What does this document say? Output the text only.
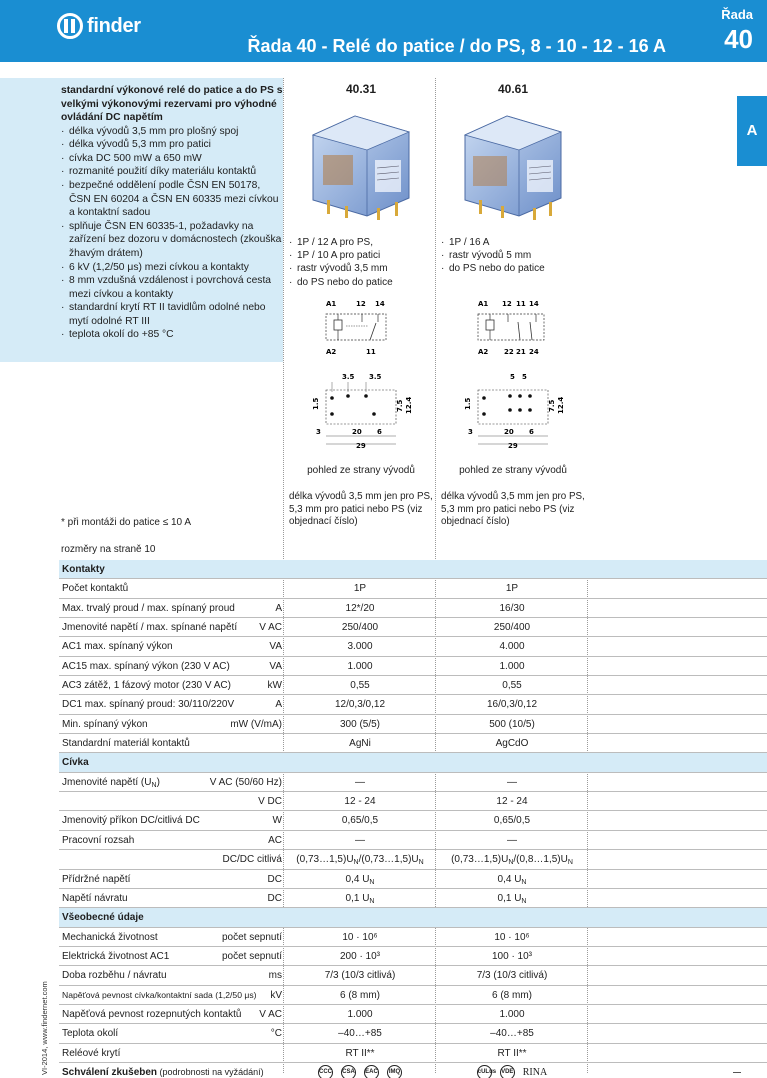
finder
Řada 40 - Relé do patice / do PS, 8 - 10 - 12 - 16 A
Řada
40
A
standardní výkonové relé do patice a do PS s velkými výkonovými rezervami pro výhodné ovládání DC napětím
· délka vývodů 3,5 mm pro plošný spoj
· délka vývodů 5,3 mm pro patici
· cívka DC 500 mW a 650 mW
· rozmanité použití díky materiálu kontaktů
· bezpečné oddělení podle ČSN EN 50178, ČSN EN 60204 a ČSN EN 60335 mezi cívkou a kontaktní sadou
· splňuje ČSN EN 60335-1, požadavky na zařízení bez dozoru v domácnostech (zkouška žhavým drátem)
· 6 kV (1,2/50 μs) mezi cívkou a kontakty
· 8 mm vzdušná vzdálenost i povrchová cesta mezi cívkou a kontakty
· standardní krytí RT II tavidlům odolné nebo mytí odolné RT III
· teplota okolí do +85 °C
40.31
· 1P / 12 A pro PS,
· 1P / 10 A pro patici
· rastr vývodů 3,5 mm
· do PS nebo do patice
40.61
· 1P / 16 A
· rastr vývodů 5 mm
· do PS nebo do patice
A1	12 14
A2	11
A1 12 11 14
A2 22 21 24
3.5 3.5
1.5	7.5 12.4
3	20 6
29
5 5
1.5	7.5 12.4
3	20 6
29
pohled ze strany vývodů	pohled ze strany vývodů
délka vývodů 3,5 mm jen pro PS, 5,3 mm pro patici nebo PS (viz objednací číslo)
délka vývodů 3,5 mm jen pro PS, 5,3 mm pro patici nebo PS (viz objednací číslo)
* při montáži do patice ≤ 10 A
rozměry na straně 10
Kontakty
Počet kontaktů	1P	1P
Max. trvalý proud / max. spínaný proud	A	12*/20	16/30
Jmenovité napětí / max. spínané napětí	V AC	250/400	250/400
AC1 max. spínaný výkon	VA	3.000	4.000
AC15 max. spínaný výkon (230 V AC)	VA	1.000	1.000
AC3 zátěž, 1 fázový motor (230 V AC)	kW	0,55	0,55
DC1 max. spínaný proud: 30/110/220V	A	12/0,3/0,12	16/0,3/0,12
Min. spínaný výkon	mW (V/mA)	300 (5/5)	500 (10/5)
Standardní materiál kontaktů	AgNi	AgCdO
Cívka
Jmenovité napětí $(U_N)$	V AC (50/60 Hz)	—	—
V DC	12 - 24	12 - 24
Jmenovitý příkon DC/citlivá DC	W	0,65/0,5	0,65/0,5
Pracovní rozsah	AC	—	—
DC/DC citlivá	$(0,73\dots 1,5)U_N/(0,73\dots 1,5)U_N$	$(0,73\dots 1,5)U_N/(0,8\dots 1,5)U_N$
Přídržné napětí	DC	0,4 $U_N$	0,4 $U_N$
Napětí návratu	DC	0,1 $U_N$	0,1 $U_N$
Všeobecné údaje
Mechanická životnost	počet sepnutí	10 · 10⁶	10 · 10⁶
Elektrická životnost AC1	počet sepnutí	200 · 10³	100 · 10³
Doba rozběhu / návratu	ms	7/3 (10/3 citlivá)	7/3 (10/3 citlivá)
Napěťová pevnost cívka/kontaktní sada (1,2/50 μs)	kV	6 (8 mm)	6 (8 mm)
Napěťová pevnost rozepnutých kontaktů	V AC	1.000	1.000
Teplota okolí	°C	–40…+85	–40…+85
Reléové krytí	RT II**	RT II**
Schválení zkušeben (podrobnosti na vyžádání)	CCC CSA EAC IMQ	cULus VDE RINA
VI-2014, www.findernet.com
